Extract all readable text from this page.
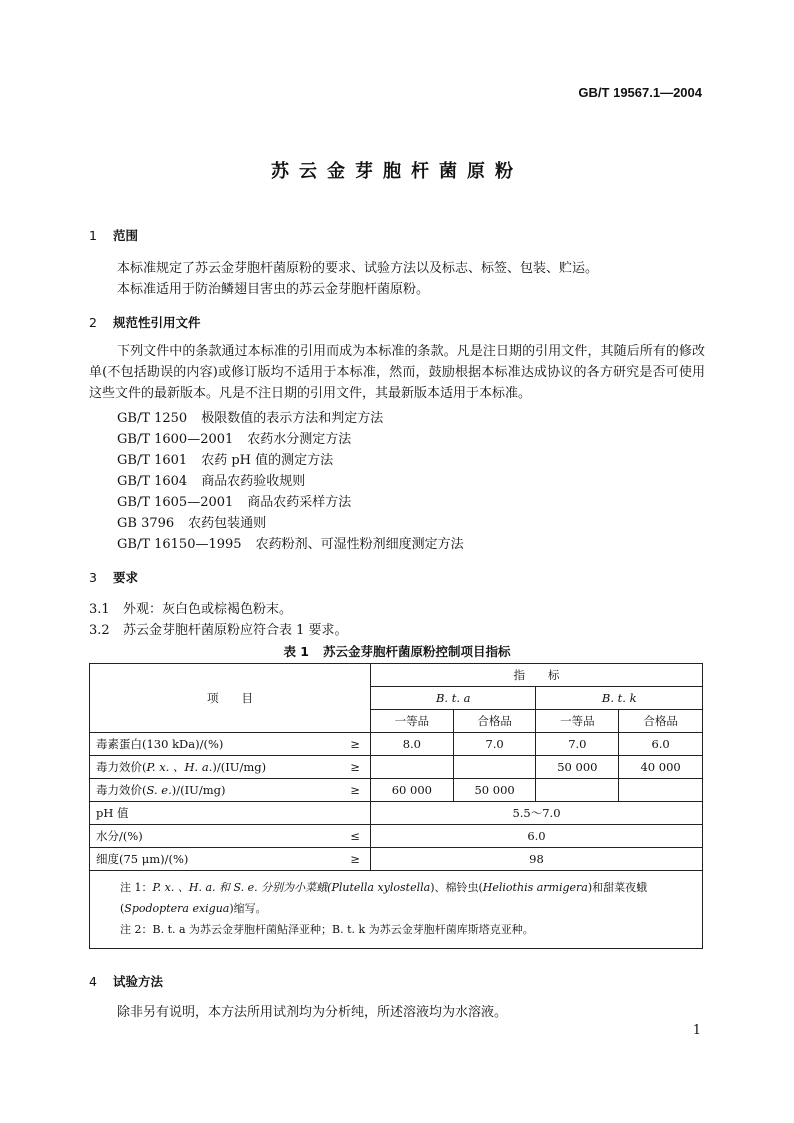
GB/T 19567.1—2004
苏云金芽胞杆菌原粉
1 范围
本标准规定了苏云金芽胞杆菌原粉的要求、试验方法以及标志、标签、包装、贮运。
本标准适用于防治鳞翅目害虫的苏云金芽胞杆菌原粉。
2 规范性引用文件
下列文件中的条款通过本标准的引用而成为本标准的条款。凡是注日期的引用文件，其随后所有的修改单(不包括勘误的内容)或修订版均不适用于本标准，然而，鼓励根据本标准达成协议的各方研究是否可使用这些文件的最新版本。凡是不注日期的引用文件，其最新版本适用于本标准。
GB/T 1250 极限数值的表示方法和判定方法
GB/T 1600—2001 农药水分测定方法
GB/T 1601 农药 pH 值的测定方法
GB/T 1604 商品农药验收规则
GB/T 1605—2001 商品农药采样方法
GB 3796 农药包装通则
GB/T 16150—1995 农药粉剂、可湿性粉剂细度测定方法
3 要求
3.1 外观：灰白色或棕褐色粉末。
3.2 苏云金芽胞杆菌原粉应符合表 1 要求。
表 1 苏云金芽胞杆菌原粉控制项目指标
项　　目		指　　标			
		B. t. a		B. t. k	
		一等品	合格品	一等品	合格品
毒素蛋白(130 kDa)/(%)	≥	8.0	7.0	7.0	6.0
毒力效价(P. x. 、H. a.)/(IU/mg)	≥			50 000	40 000
毒力效价(S. e.)/(IU/mg)	≥	60 000	50 000		
pH 值		5.5～7.0			
水分/(%)	≤	6.0			
细度(75 μm)/(%)	≥	98			

注 1：P. x. 、H. a. 和 S. e. 分别为小菜蛾(Plutella xylostella)、棉铃虫(Heliothis armigera)和甜菜夜蛾(Spodoptera exigua)缩写。
注 2：B. t. a 为苏云金芽胞杆菌鲇泽亚种；B. t. k 为苏云金芽胞杆菌库斯塔克亚种。					
4 试验方法
除非另有说明，本方法所用试剂均为分析纯，所述溶液均为水溶液。
1
